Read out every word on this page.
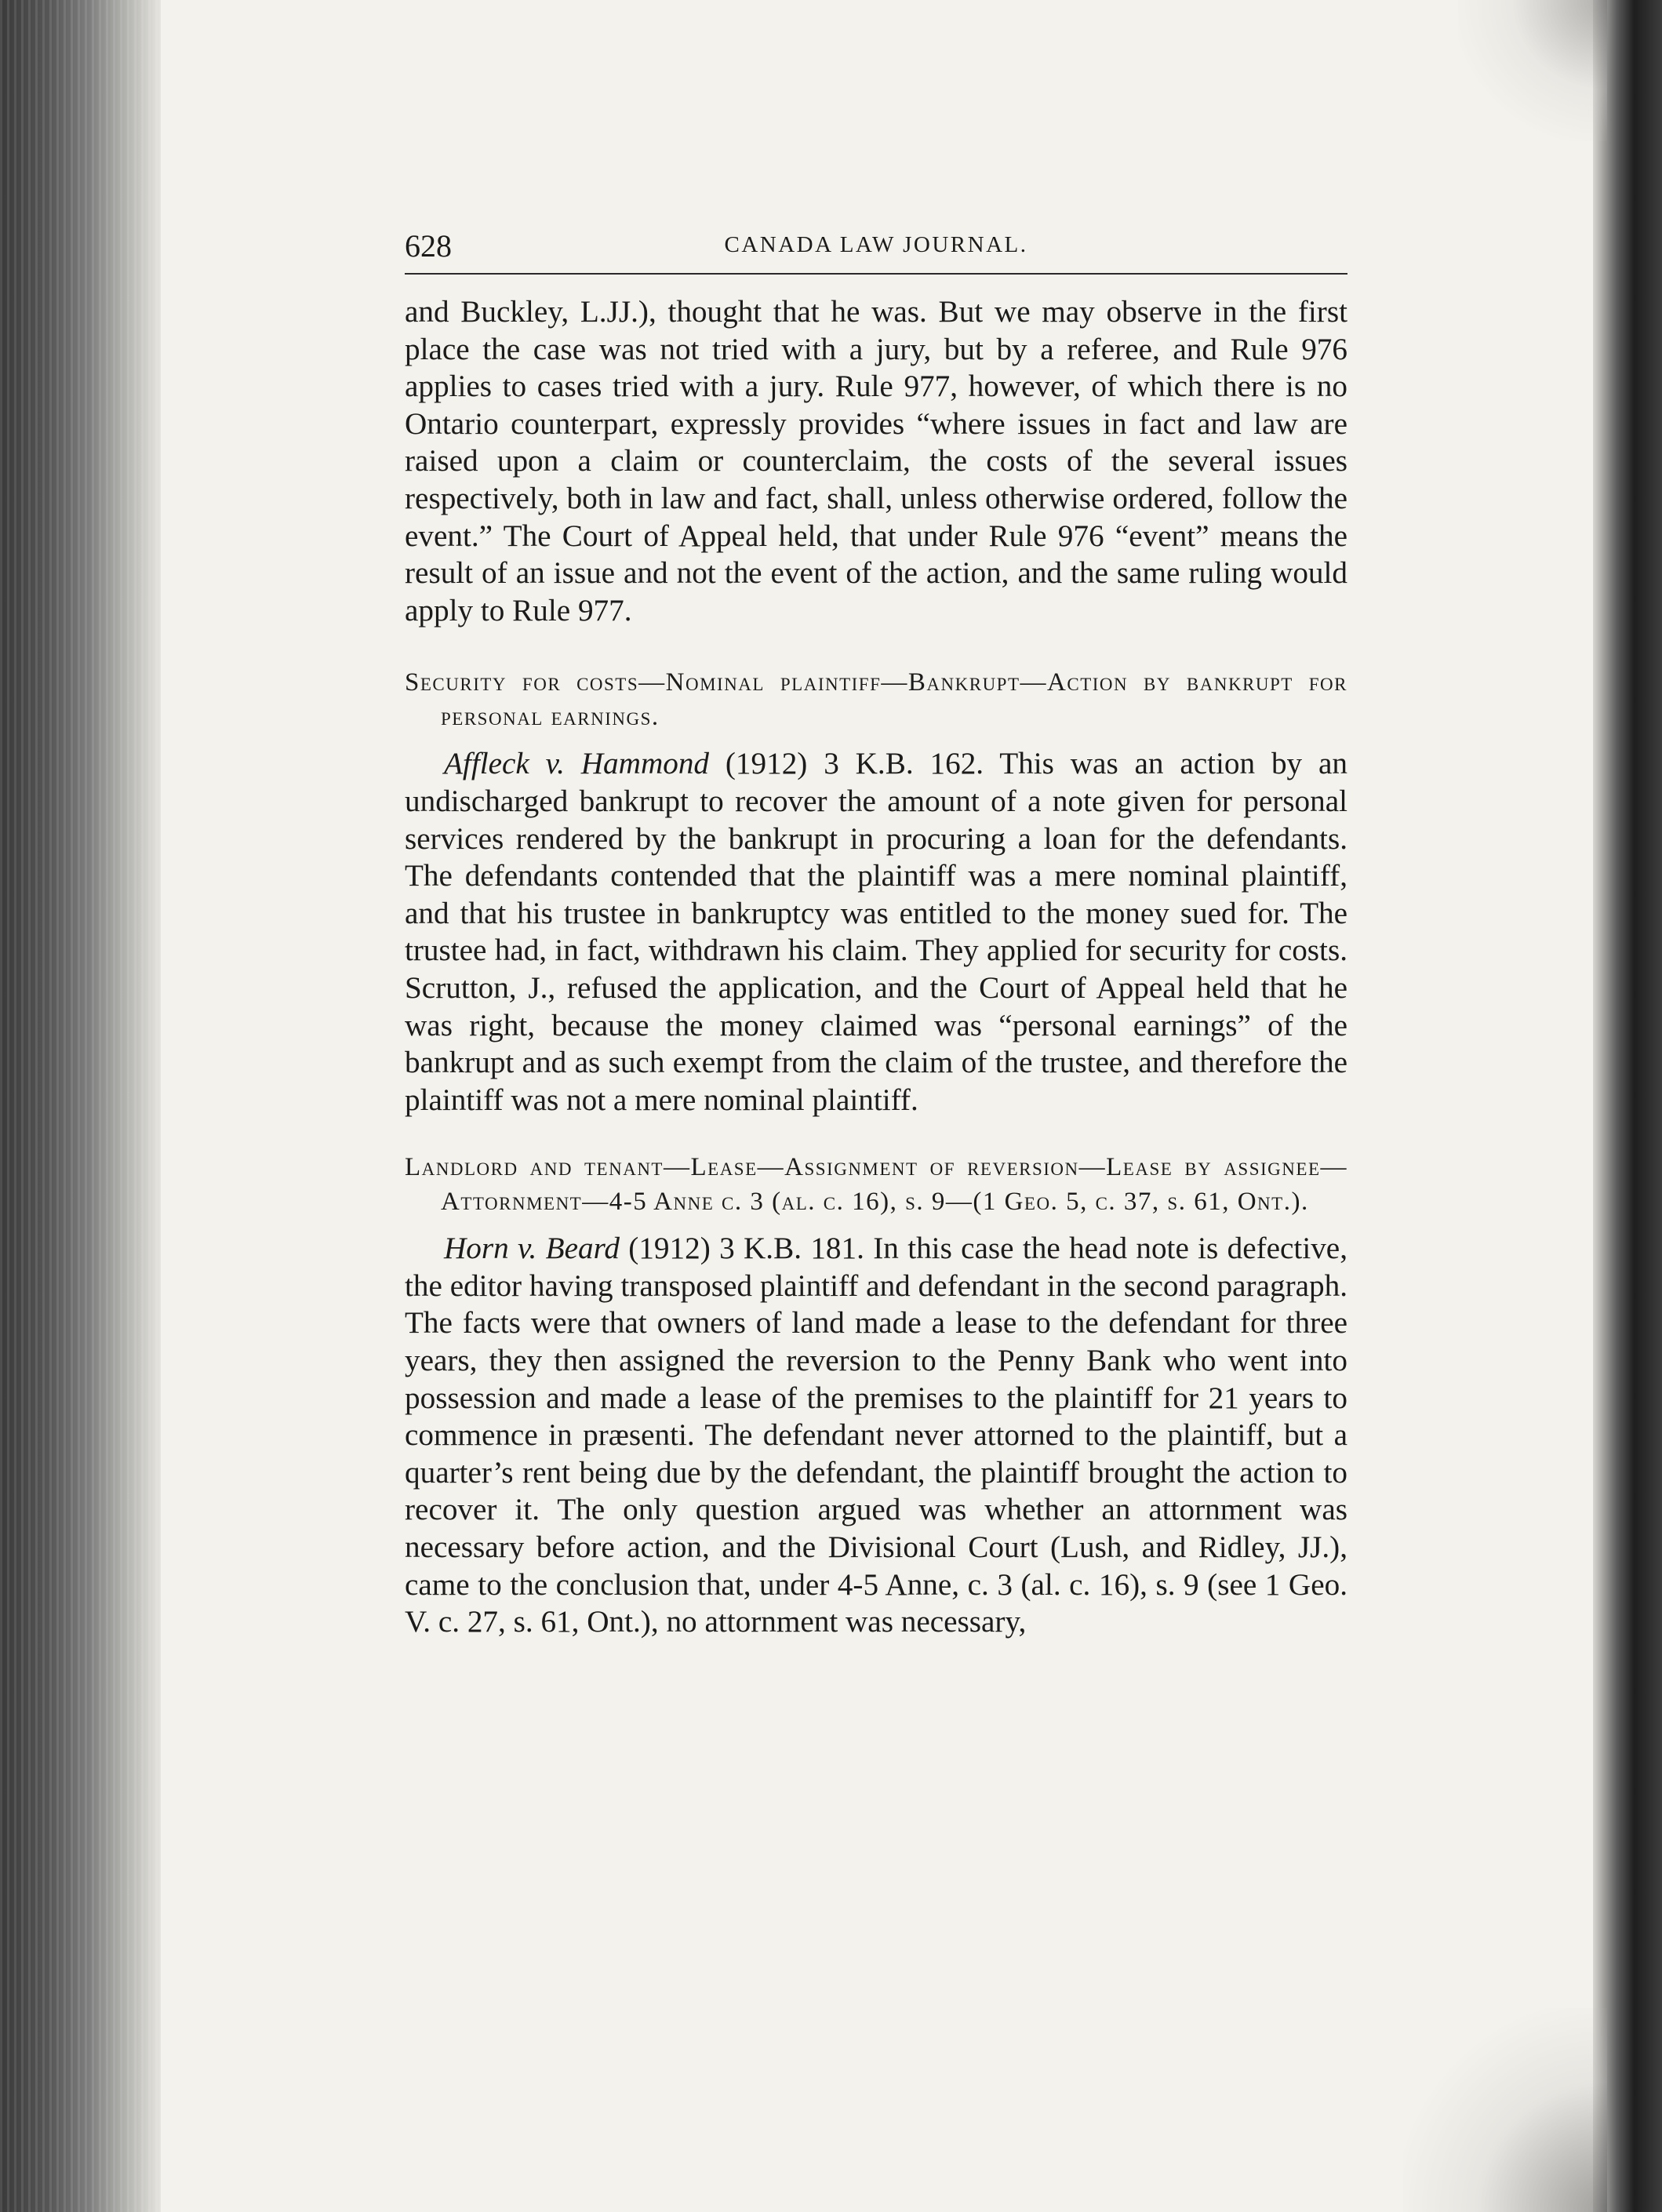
628	CANADA LAW JOURNAL.

and Buckley, L.JJ.), thought that he was. But we may observe in the first place the case was not tried with a jury, but by a referee, and Rule 976 applies to cases tried with a jury. Rule 977, however, of which there is no Ontario counterpart, expressly provides “where issues in fact and law are raised upon a claim or counterclaim, the costs of the several issues respectively, both in law and fact, shall, unless otherwise ordered, follow the event.” The Court of Appeal held, that under Rule 976 “event” means the result of an issue and not the event of the action, and the same ruling would apply to Rule 977.

Security for costs—Nominal plaintiff—Bankrupt—Action by bankrupt for personal earnings.

Affleck v. Hammond (1912) 3 K.B. 162. This was an action by an undischarged bankrupt to recover the amount of a note given for personal services rendered by the bankrupt in procuring a loan for the defendants. The defendants contended that the plaintiff was a mere nominal plaintiff, and that his trustee in bankruptcy was entitled to the money sued for. The trustee had, in fact, withdrawn his claim. They applied for security for costs. Scrutton, J., refused the application, and the Court of Appeal held that he was right, because the money claimed was “personal earnings” of the bankrupt and as such exempt from the claim of the trustee, and therefore the plaintiff was not a mere nominal plaintiff.

Landlord and tenant—Lease—Assignment of reversion—Lease by assignee—Attornment—4-5 Anne c. 3 (al. c. 16), s. 9—(1 Geo. 5, c. 37, s. 61, Ont.).

Horn v. Beard (1912) 3 K.B. 181. In this case the head note is defective, the editor having transposed plaintiff and defendant in the second paragraph. The facts were that owners of land made a lease to the defendant for three years, they then assigned the reversion to the Penny Bank who went into possession and made a lease of the premises to the plaintiff for 21 years to commence in præsenti. The defendant never attorned to the plaintiff, but a quarter’s rent being due by the defendant, the plaintiff brought the action to recover it. The only question argued was whether an attornment was necessary before action, and the Divisional Court (Lush, and Ridley, JJ.), came to the conclusion that, under 4-5 Anne, c. 3 (al. c. 16), s. 9 (see 1 Geo. V. c. 27, s. 61, Ont.), no attornment was necessary,
